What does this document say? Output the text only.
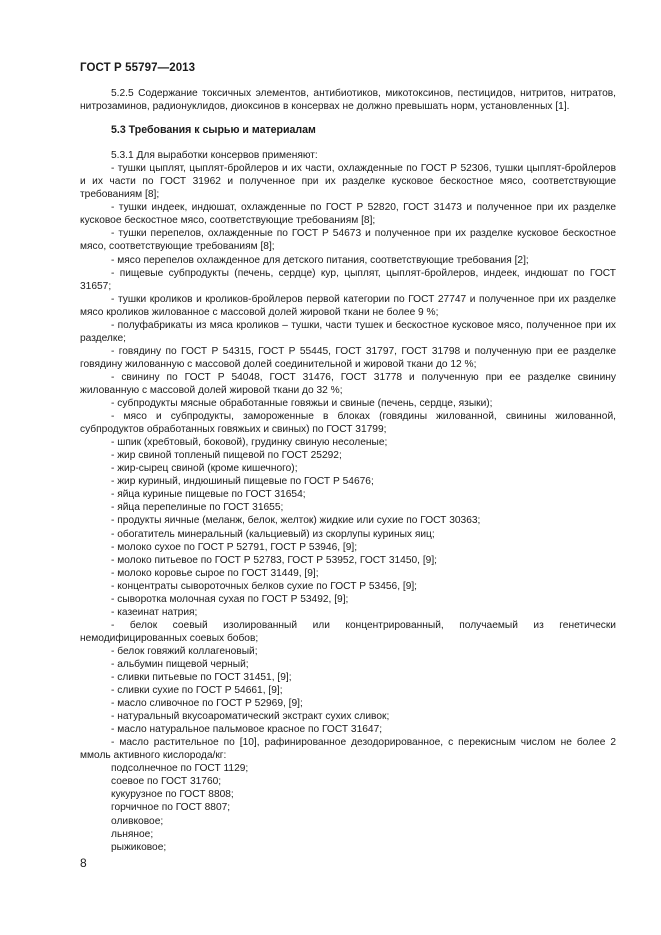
ГОСТ Р 55797—2013

5.2.5 Содержание токсичных элементов, антибиотиков, микотоксинов, пестицидов, нитритов, нитратов, нитрозаминов, радионуклидов, диоксинов в консервах не должно превышать норм, установленных [1].

5.3 Требования к сырью и материалам

5.3.1 Для выработки консервов применяют:

- тушки цыплят, цыплят-бройлеров и их части, охлажденные по ГОСТ Р 52306, тушки цыплят-бройлеров и их части по ГОСТ 31962 и полученное при их разделке кусковое бескостное мясо, соответствующие требованиям [8];

- тушки индеек, индюшат, охлажденные по ГОСТ Р 52820, ГОСТ 31473 и полученное при их разделке кусковое бескостное мясо, соответствующие требованиям [8];

- тушки перепелов, охлажденные по ГОСТ Р 54673 и полученное при их разделке кусковое бескостное мясо, соответствующие требованиям [8];

- мясо перепелов охлажденное для детского питания, соответствующие требования [2];

- пищевые субпродукты (печень, сердце) кур, цыплят, цыплят-бройлеров, индеек, индюшат по ГОСТ 31657;

- тушки кроликов и кроликов-бройлеров первой категории по ГОСТ 27747 и полученное при их разделке мясо кроликов жилованное с массовой долей жировой ткани не более 9 %;

- полуфабрикаты из мяса кроликов – тушки, части тушек и бескостное кусковое мясо, полученное при их разделке;

- говядину по ГОСТ Р 54315, ГОСТ Р 55445, ГОСТ 31797, ГОСТ 31798 и полученную при ее разделке говядину жилованную с массовой долей соединительной и жировой ткани до 12 %;

- свинину по ГОСТ Р 54048, ГОСТ 31476, ГОСТ 31778 и полученную при ее разделке свинину жилованную с массовой долей жировой ткани до 32 %;

- субпродукты мясные обработанные говяжьи и свиные (печень, сердце, языки);

- мясо и субпродукты, замороженные в блоках (говядины жилованной, свинины жилованной, субпродуктов обработанных говяжьих и свиных) по ГОСТ 31799;

- шпик (хребтовый, боковой), грудинку свиную несоленые;

- жир свиной топленый пищевой по ГОСТ 25292;

- жир-сырец свиной (кроме кишечного);

- жир куриный, индюшиный пищевые по ГОСТ Р 54676;

- яйца куриные пищевые по ГОСТ 31654;

- яйца перепелиные по ГОСТ 31655;

- продукты яичные (меланж, белок, желток) жидкие или сухие по ГОСТ 30363;

- обогатитель минеральный (кальциевый) из скорлупы куриных яиц;

- молоко сухое по ГОСТ Р 52791, ГОСТ Р 53946, [9];

- молоко питьевое по ГОСТ Р 52783, ГОСТ Р 53952, ГОСТ 31450, [9];

- молоко коровье сырое по ГОСТ 31449, [9];

- концентраты сывороточных белков сухие по ГОСТ Р 53456, [9];

- сыворотка молочная сухая по ГОСТ Р 53492, [9];

- казеинат натрия;

- белок соевый изолированный или концентрированный, получаемый из генетически немодифицированных соевых бобов;

- белок говяжий коллагеновый;

- альбумин пищевой черный;

- сливки питьевые по ГОСТ 31451, [9];

- сливки сухие по ГОСТ Р 54661, [9];

- масло сливочное по ГОСТ Р 52969, [9];

- натуральный вкусоароматический экстракт сухих сливок;

- масло натуральное пальмовое красное по ГОСТ 31647;

- масло растительное по [10], рафинированное дезодорированное, с перекисным числом не более 2 ммоль активного кислорода/кг:

подсолнечное по ГОСТ 1129;

соевое по ГОСТ 31760;

кукурузное по ГОСТ 8808;

горчичное по ГОСТ 8807;

оливковое;

льняное;

рыжиковое;

8
